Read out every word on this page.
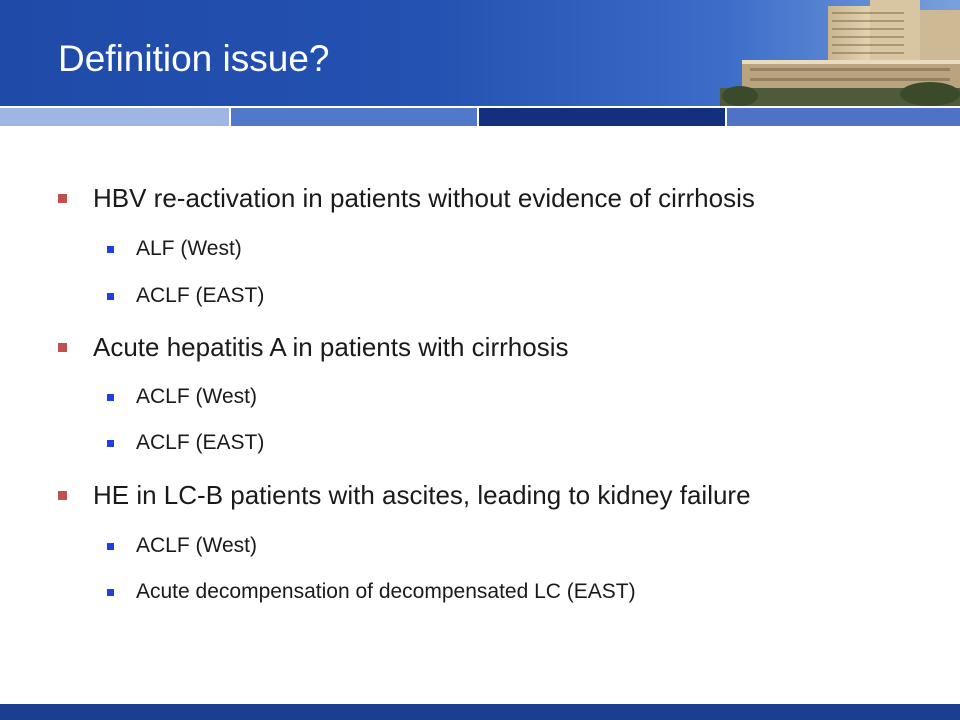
Definition issue?
HBV re-activation in patients without evidence of cirrhosis
ALF (West)
ACLF (EAST)
Acute hepatitis A in patients with cirrhosis
ACLF (West)
ACLF (EAST)
HE in LC-B patients with ascites, leading to kidney failure
ACLF (West)
Acute decompensation of decompensated LC (EAST)
